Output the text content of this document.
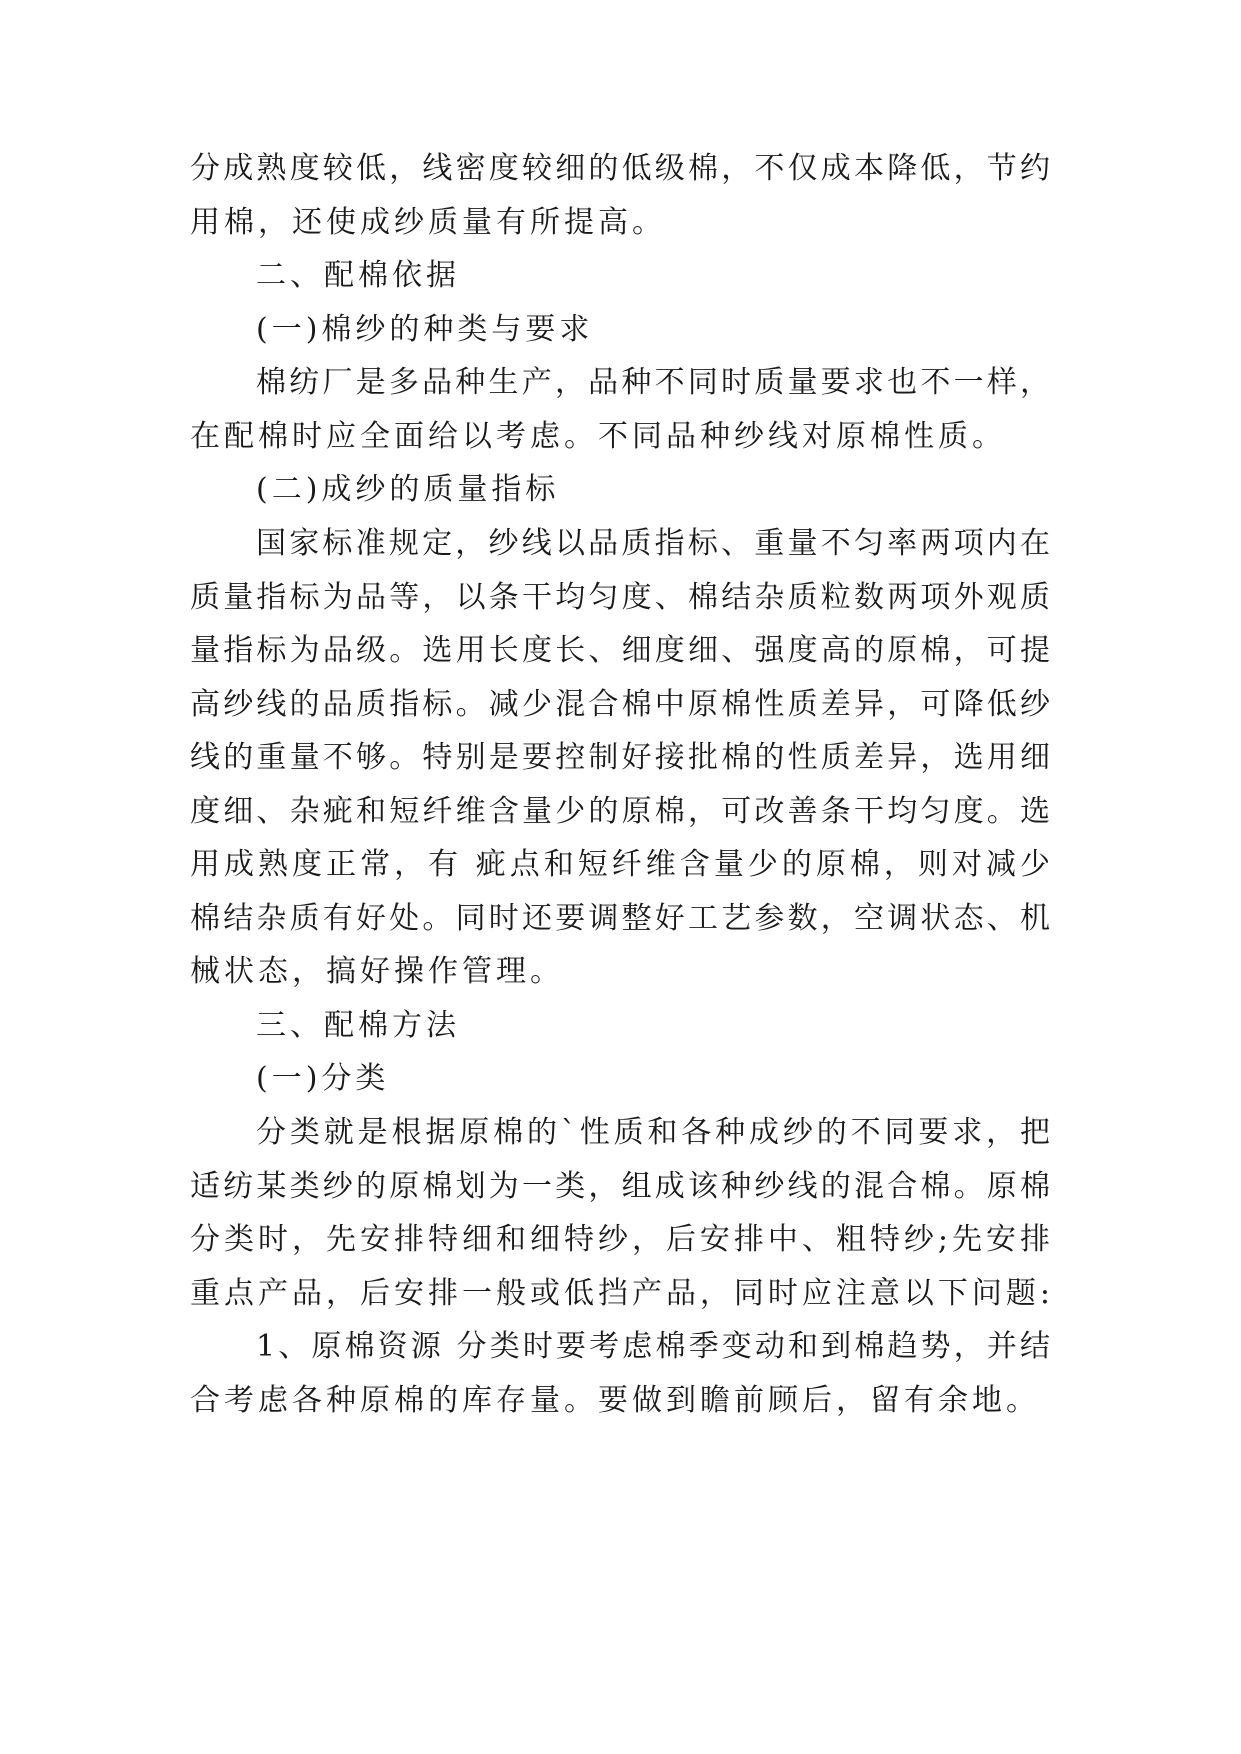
分成熟度较低，线密度较细的低级棉，不仅成本降低，节约
用棉，还使成纱质量有所提高。
二、配棉依据
(一)棉纱的种类与要求
棉纺厂是多品种生产，品种不同时质量要求也不一样，
在配棉时应全面给以考虑。不同品种纱线对原棉性质。
(二)成纱的质量指标
国家标准规定，纱线以品质指标、重量不匀率两项内在
质量指标为品等，以条干均匀度、棉结杂质粒数两项外观质
量指标为品级。选用长度长、细度细、强度高的原棉，可提
高纱线的品质指标。减少混合棉中原棉性质差异，可降低纱
线的重量不够。特别是要控制好接批棉的性质差异，选用细
度细、杂疵和短纤维含量少的原棉，可改善条干均匀度。选
用成熟度正常，有 疵点和短纤维含量少的原棉，则对减少
棉结杂质有好处。同时还要调整好工艺参数，空调状态、机
械状态，搞好操作管理。
三、配棉方法
(一)分类
分类就是根据原棉的`性质和各种成纱的不同要求，把
适纺某类纱的原棉划为一类，组成该种纱线的混合棉。原棉
分类时，先安排特细和细特纱，后安排中、粗特纱;先安排
重点产品，后安排一般或低挡产品，同时应注意以下问题:
1、原棉资源 分类时要考虑棉季变动和到棉趋势，并结
合考虑各种原棉的库存量。要做到瞻前顾后，留有余地。
